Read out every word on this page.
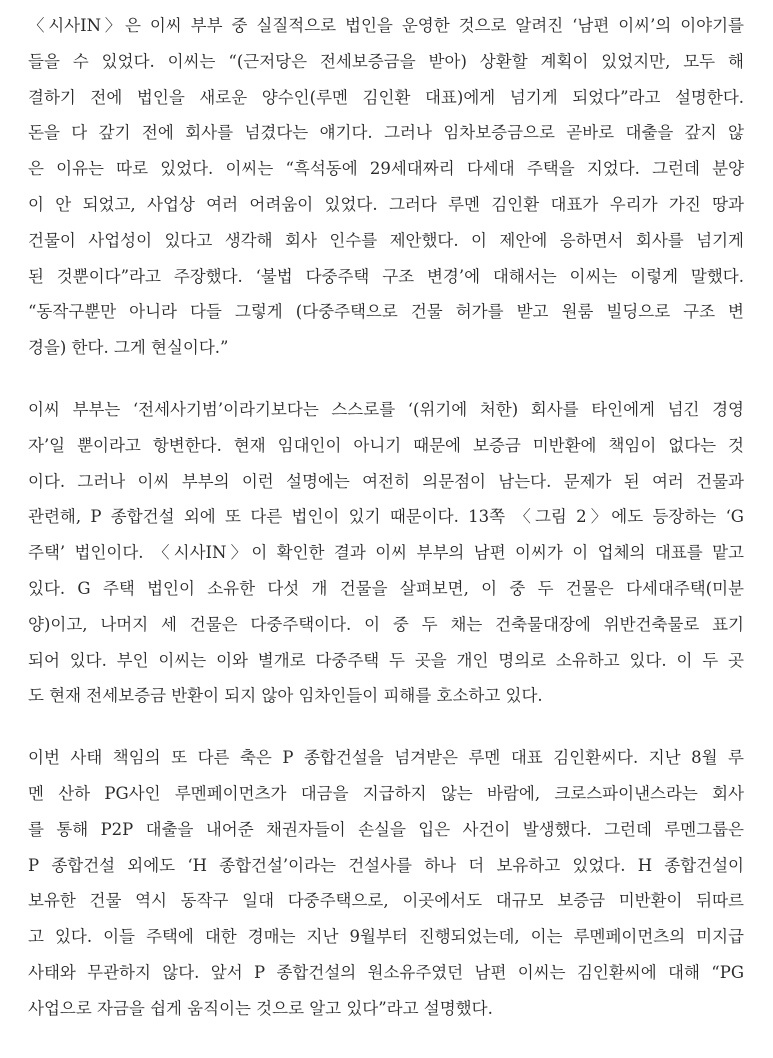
〈시사IN〉은 이씨 부부 중 실질적으로 법인을 운영한 것으로 알려진 ‘남편 이씨’의 이야기를
들을 수 있었다. 이씨는 “(근저당은 전세보증금을 받아) 상환할 계획이 있었지만, 모두 해
결하기 전에 법인을 새로운 양수인(루멘 김인환 대표)에게 넘기게 되었다”라고 설명한다.
돈을 다 갚기 전에 회사를 넘겼다는 얘기다. 그러나 임차보증금으로 곧바로 대출을 갚지 않
은 이유는 따로 있었다. 이씨는 “흑석동에 29세대짜리 다세대 주택을 지었다. 그런데 분양
이 안 되었고, 사업상 여러 어려움이 있었다. 그러다 루멘 김인환 대표가 우리가 가진 땅과
건물이 사업성이 있다고 생각해 회사 인수를 제안했다. 이 제안에 응하면서 회사를 넘기게
된 것뿐이다”라고 주장했다. ‘불법 다중주택 구조 변경’에 대해서는 이씨는 이렇게 말했다.
“동작구뿐만 아니라 다들 그렇게 (다중주택으로 건물 허가를 받고 원룸 빌딩으로 구조 변
경을) 한다. 그게 현실이다.”

이씨 부부는 ‘전세사기범’이라기보다는 스스로를 ‘(위기에 처한) 회사를 타인에게 넘긴 경영
자’일 뿐이라고 항변한다. 현재 임대인이 아니기 때문에 보증금 미반환에 책임이 없다는 것
이다. 그러나 이씨 부부의 이런 설명에는 여전히 의문점이 남는다. 문제가 된 여러 건물과
관련해, P 종합건설 외에 또 다른 법인이 있기 때문이다. 13쪽 〈그림 2〉에도 등장하는 ‘G
주택’ 법인이다. 〈시사IN〉이 확인한 결과 이씨 부부의 남편 이씨가 이 업체의 대표를 맡고
있다. G 주택 법인이 소유한 다섯 개 건물을 살펴보면, 이 중 두 건물은 다세대주택(미분
양)이고, 나머지 세 건물은 다중주택이다. 이 중 두 채는 건축물대장에 위반건축물로 표기
되어 있다. 부인 이씨는 이와 별개로 다중주택 두 곳을 개인 명의로 소유하고 있다. 이 두 곳
도 현재 전세보증금 반환이 되지 않아 임차인들이 피해를 호소하고 있다.

이번 사태 책임의 또 다른 축은 P 종합건설을 넘겨받은 루멘 대표 김인환씨다. 지난 8월 루
멘 산하 PG사인 루멘페이먼츠가 대금을 지급하지 않는 바람에, 크로스파이낸스라는 회사
를 통해 P2P 대출을 내어준 채권자들이 손실을 입은 사건이 발생했다. 그런데 루멘그룹은
P 종합건설 외에도 ‘H 종합건설’이라는 건설사를 하나 더 보유하고 있었다. H 종합건설이
보유한 건물 역시 동작구 일대 다중주택으로, 이곳에서도 대규모 보증금 미반환이 뒤따르
고 있다. 이들 주택에 대한 경매는 지난 9월부터 진행되었는데, 이는 루멘페이먼츠의 미지급
사태와 무관하지 않다. 앞서 P 종합건설의 원소유주였던 남편 이씨는 김인환씨에 대해 “PG
사업으로 자금을 쉽게 움직이는 것으로 알고 있다”라고 설명했다.
